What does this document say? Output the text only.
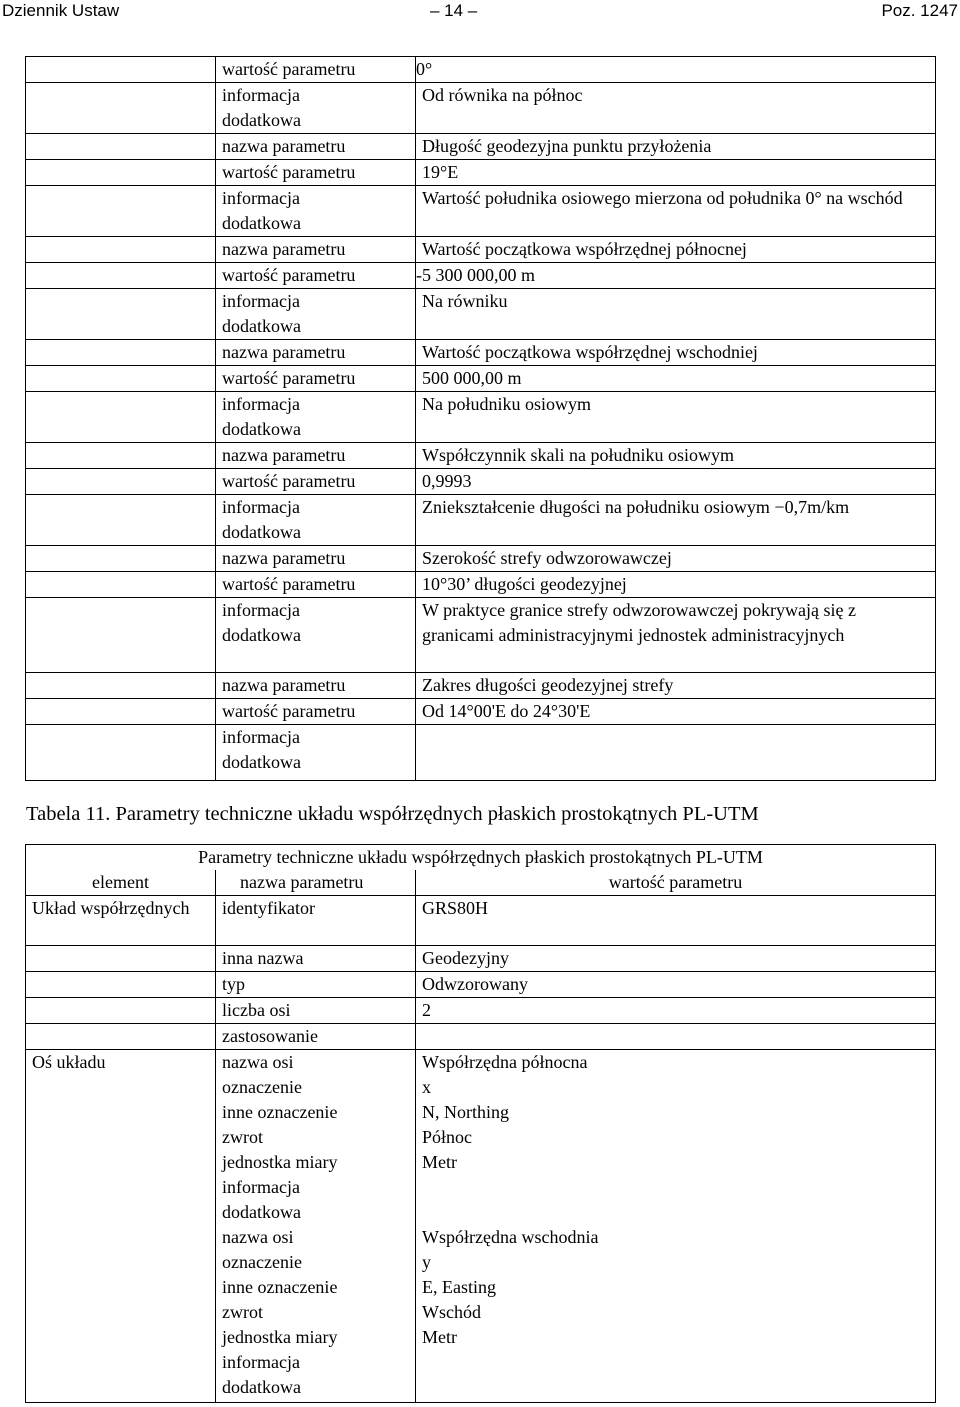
Dziennik Ustaw	– 14 –	Poz. 1247
	wartość parametru	0°
	informacja dodatkowa	Od równika na północ
	nazwa parametru	Długość geodezyjna punktu przyłożenia
	wartość parametru	19°E
	informacja dodatkowa	Wartość południka osiowego mierzona od południka 0° na wschód
	nazwa parametru	Wartość początkowa współrzędnej północnej
	wartość parametru	-5 300 000,00 m
	informacja dodatkowa	Na równiku
	nazwa parametru	Wartość początkowa współrzędnej wschodniej
	wartość parametru	500 000,00 m
	informacja dodatkowa	Na południku osiowym
	nazwa parametru	Współczynnik skali na południku osiowym
	wartość parametru	0,9993
	informacja dodatkowa	Zniekształcenie długości na południku osiowym −0,7m/km
	nazwa parametru	Szerokość strefy odwzorowawczej
	wartość parametru	10°30’ długości geodezyjnej
	informacja dodatkowa	W praktyce granice strefy odwzorowawczej pokrywają się z granicami administracyjnymi jednostek administracyjnych
	nazwa parametru	Zakres długości geodezyjnej strefy
	wartość parametru	Od 14°00'E do 24°30'E
	informacja dodatkowa	
Tabela 11. Parametry techniczne układu współrzędnych płaskich prostokątnych PL-UTM
Parametry techniczne układu współrzędnych płaskich prostokątnych PL-UTM		
element	nazwa parametru	wartość parametru
Układ współrzędnych	identyfikator	GRS80H
	inna nazwa	Geodezyjny
	typ	Odwzorowany
	liczba osi	2
	zastosowanie	
Oś układu	nazwa osi	Współrzędna północna
	oznaczenie	x
	inne oznaczenie	N, Northing
	zwrot	Północ
	jednostka miary	Metr
	informacja dodatkowa	
	nazwa osi	Współrzędna wschodnia
	oznaczenie	y
	inne oznaczenie	E, Easting
	zwrot	Wschód
	jednostka miary	Metr
	informacja dodatkowa	
